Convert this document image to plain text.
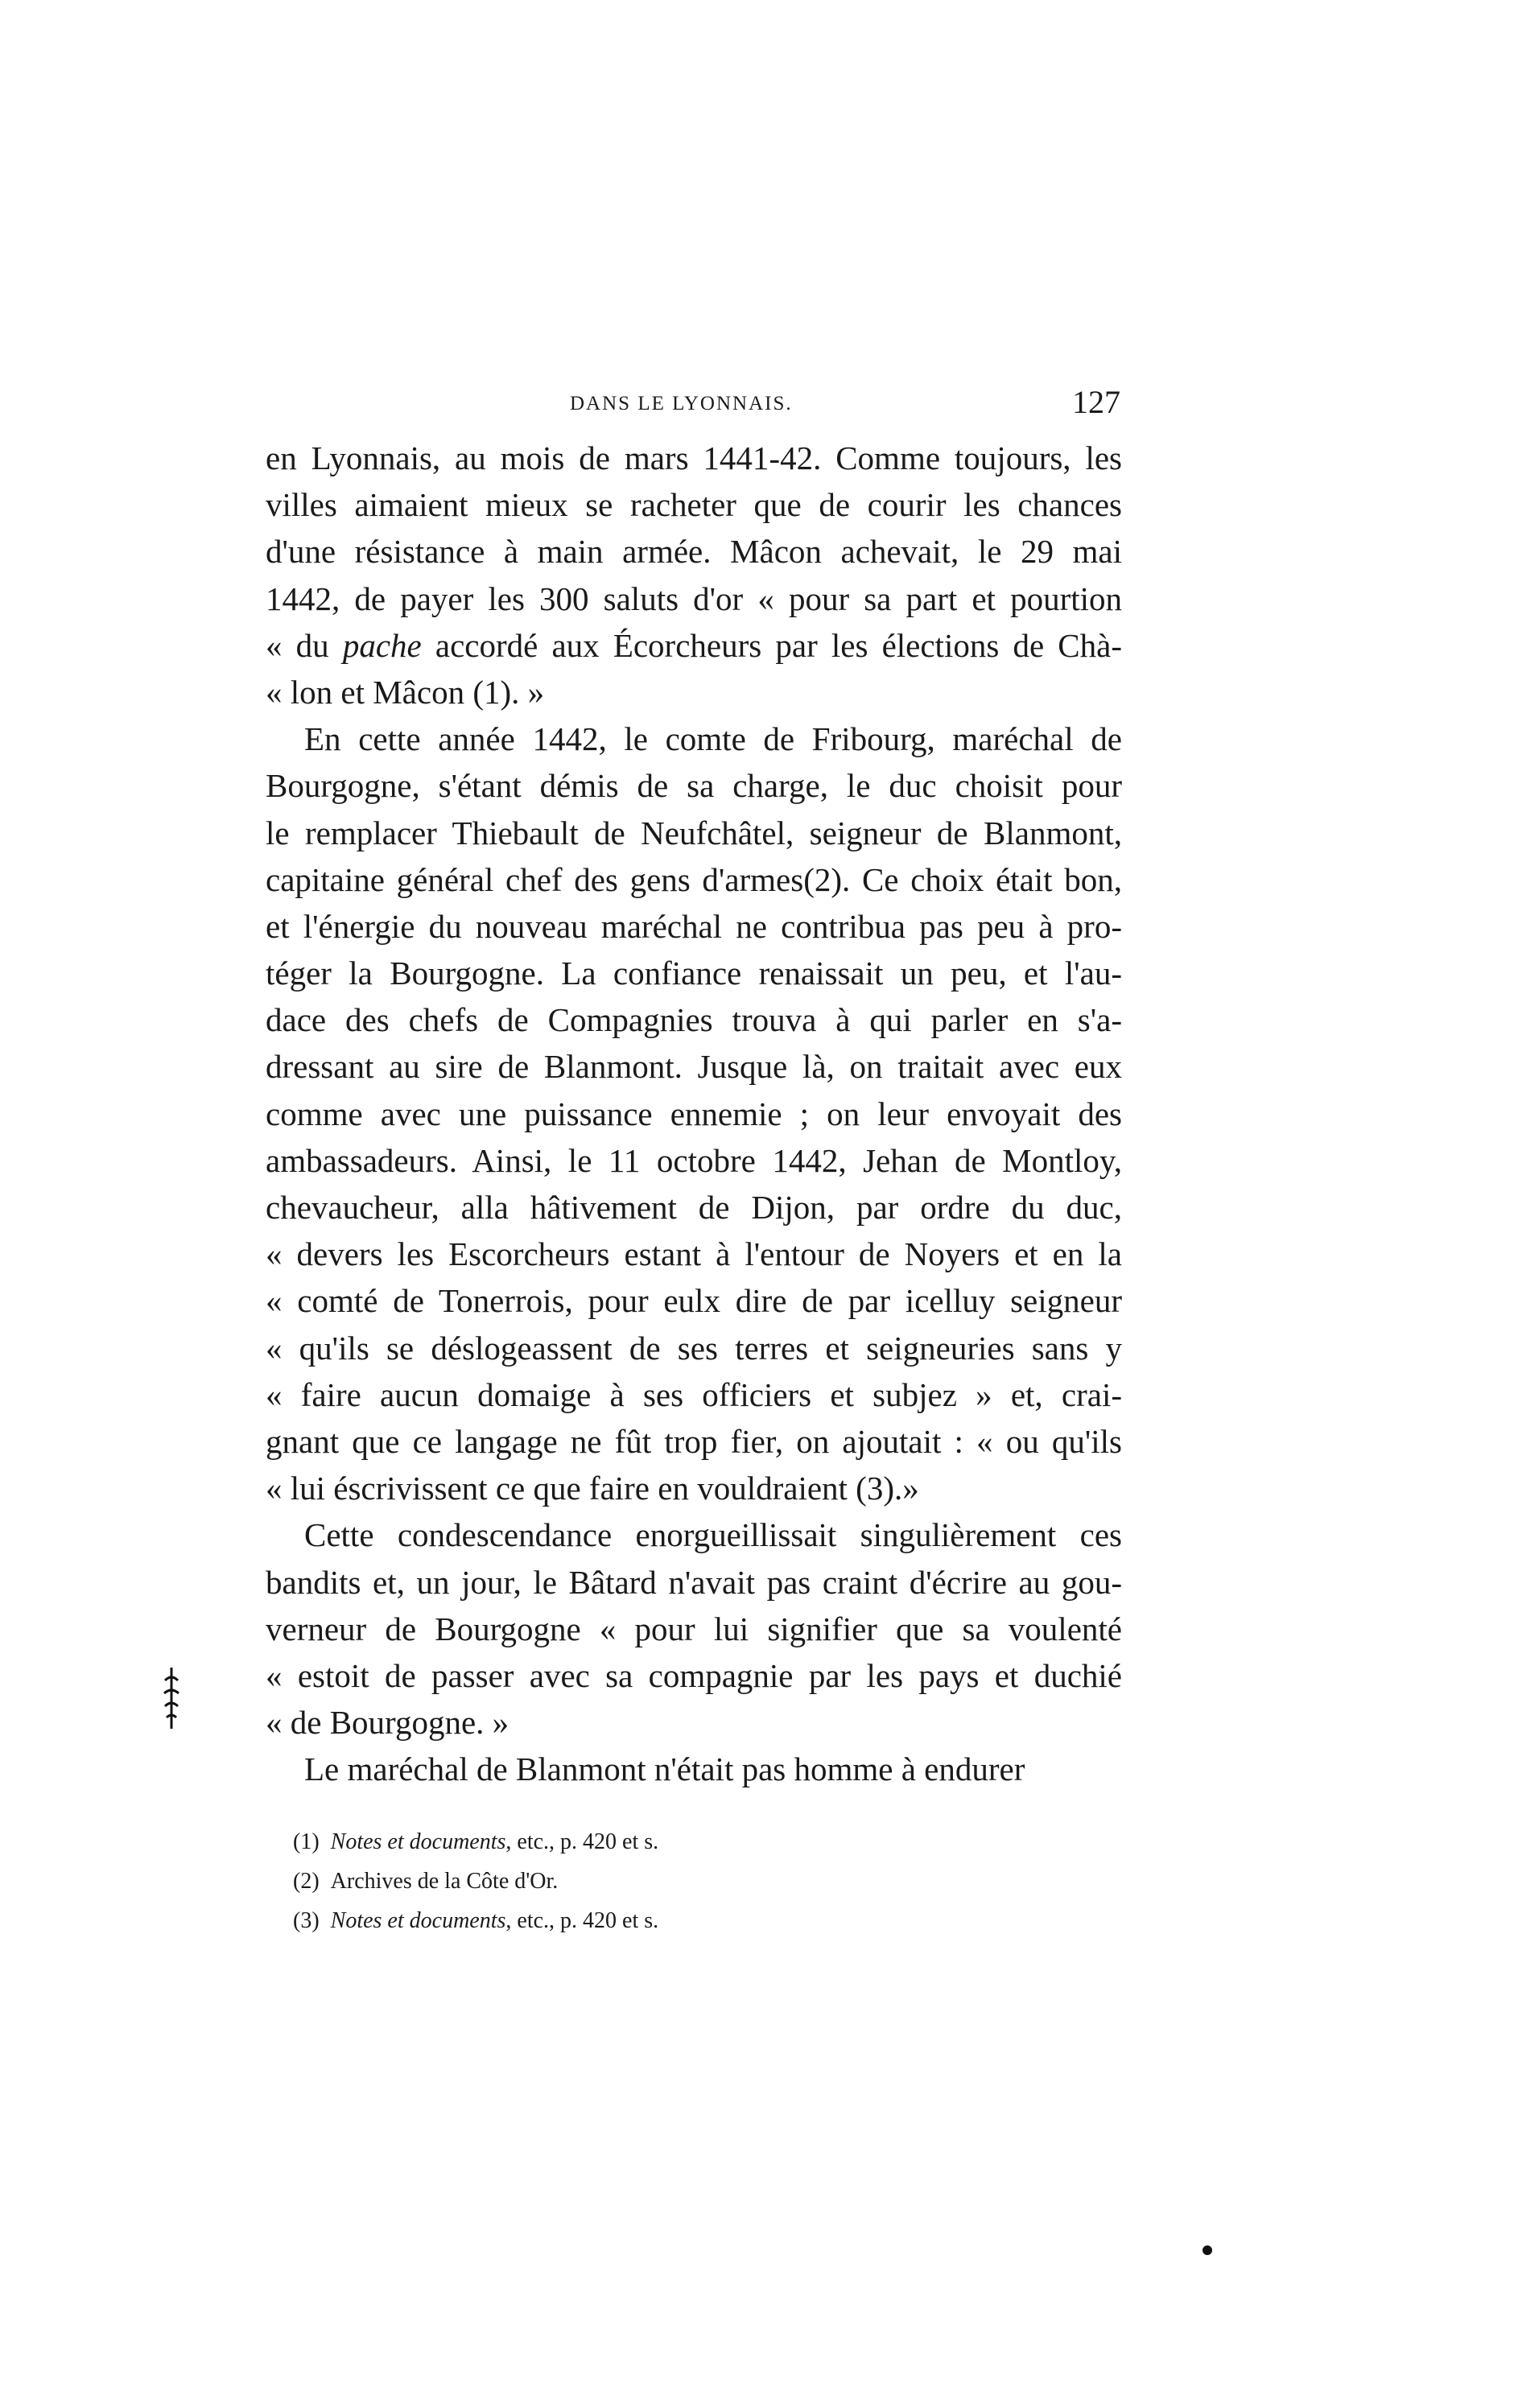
DANS LE LYONNAIS.	127
en Lyonnais, au mois de mars 1441-42. Comme toujours, les
villes aimaient mieux se racheter que de courir les chances
d'une résistance à main armée. Mâcon achevait, le 29 mai
1442, de payer les 300 saluts d'or « pour sa part et pourtion
« du pache accordé aux Écorcheurs par les élections de Chà-
« lon et Mâcon (1). »
En cette année 1442, le comte de Fribourg, maréchal de
Bourgogne, s'étant démis de sa charge, le duc choisit pour
le remplacer Thiebault de Neufchâtel, seigneur de Blanmont,
capitaine général chef des gens d'armes(2). Ce choix était bon,
et l'énergie du nouveau maréchal ne contribua pas peu à pro-
téger la Bourgogne. La confiance renaissait un peu, et l'au-
dace des chefs de Compagnies trouva à qui parler en s'a-
dressant au sire de Blanmont. Jusque là, on traitait avec eux
comme avec une puissance ennemie ; on leur envoyait des
ambassadeurs. Ainsi, le 11 octobre 1442, Jehan de Montloy,
chevaucheur, alla hâtivement de Dijon, par ordre du duc,
« devers les Escorcheurs estant à l'entour de Noyers et en la
« comté de Tonerrois, pour eulx dire de par icelluy seigneur
« qu'ils se déslogeassent de ses terres et seigneuries sans y
« faire aucun domaige à ses officiers et subjez » et, crai-
gnant que ce langage ne fût trop fier, on ajoutait : « ou qu'ils
« lui éscrivissent ce que faire en vouldraient (3).»
Cette condescendance enorgueillissait singulièrement ces
bandits et, un jour, le Bâtard n'avait pas craint d'écrire au gou-
verneur de Bourgogne « pour lui signifier que sa voulenté
« estoit de passer avec sa compagnie par les pays et duchié
« de Bourgogne. »
Le maréchal de Blanmont n'était pas homme à endurer
(1) Notes et documents, etc., p. 420 et s.
(2) Archives de la Côte d'Or.
(3) Notes et documents, etc., p. 420 et s.
